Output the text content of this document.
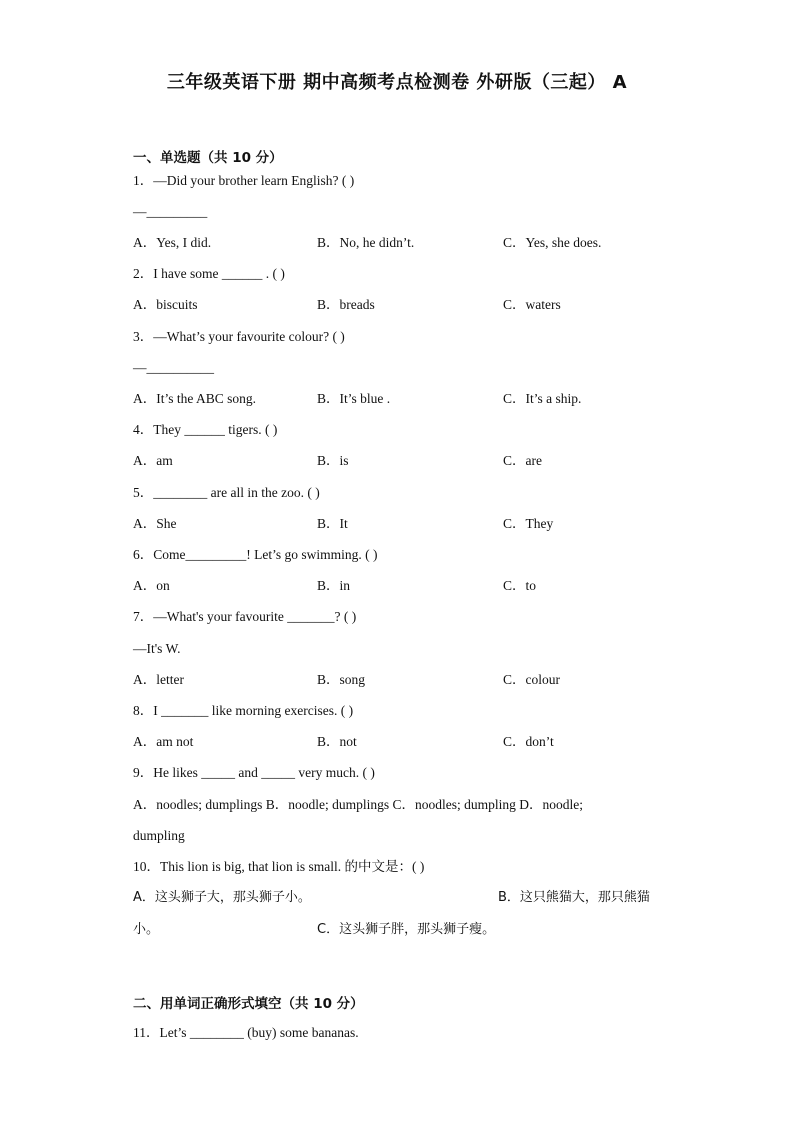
三年级英语下册 期中高频考点检测卷 外研版（三起） A
一、单选题（共 10 分）
1．—Did your brother learn English? ( )
—_________
A．Yes, I did.	B．No, he didn’t.	C．Yes, she does.
2．I have some ______ . ( )
A．biscuits	B．breads	C．waters
3．—What’s your favourite colour? ( )
—__________
A．It’s the ABC song.	B．It’s blue .	C．It’s a ship.
4．They ______ tigers. ( )
A．am	B．is	C．are
5．________ are all in the zoo. ( )
A．She	B．It	C．They
6．Come_________! Let’s go swimming. ( )
A．on	B．in	C．to
7．—What's your favourite _______? ( )
—It's W.
A．letter	B．song	C．colour
8．I _______ like morning exercises. ( )
A．am not	B．not	C．don’t
9．He likes _____ and _____ very much. ( )
A．noodles; dumplings B．noodle; dumplings C．noodles; dumpling D．noodle;
dumpling
10．This lion is big, that lion is small. 的中文是：( )
A．这头狮子大，那头狮子小。	B．这只熊猫大，那只熊猫
小。	C．这头狮子胖，那头狮子瘦。
二、用单词正确形式填空（共 10 分）
11．Let’s ________ (buy) some bananas.
